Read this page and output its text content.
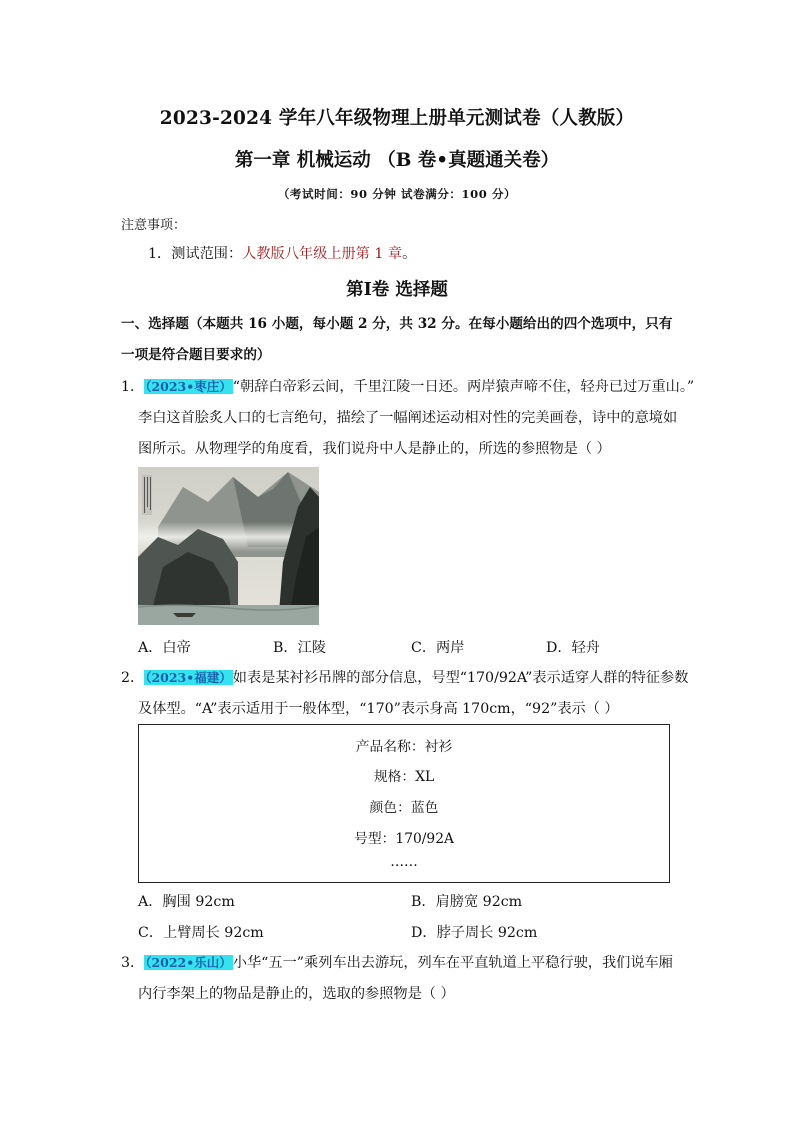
2023-2024 学年八年级物理上册单元测试卷（人教版）
第一章 机械运动 （B 卷•真题通关卷）
（考试时间：90 分钟 试卷满分：100 分）
注意事项：
1．测试范围：人教版八年级上册第 1 章。
第Ⅰ卷 选择题
一、选择题（本题共 16 小题，每小题 2 分，共 32 分。在每小题给出的四个选项中，只有
一项是符合题目要求的）
1．（2023•枣庄）“朝辞白帝彩云间，千里江陵一日还。两岸猿声啼不住，轻舟已过万重山。”
李白这首脍炙人口的七言绝句，描绘了一幅阐述运动相对性的完美画卷，诗中的意境如
图所示。从物理学的角度看，我们说舟中人是静止的，所选的参照物是（ ）
A．白帝	B．江陵	C．两岸	D．轻舟
2．（2023•福建）如表是某衬衫吊牌的部分信息，号型“170/92A”表示适穿人群的特征参数
及体型。“A”表示适用于一般体型，“170”表示身高 170cm，“92”表示（ ）
产品名称：衬衫
规格：XL
颜色：蓝色
号型：170/92A
……
A．胸围 92cm	B．肩膀宽 92cm
C．上臂周长 92cm	D．脖子周长 92cm
3．（2022•乐山）小华“五一”乘列车出去游玩，列车在平直轨道上平稳行驶，我们说车厢
内行李架上的物品是静止的，选取的参照物是（ ）
